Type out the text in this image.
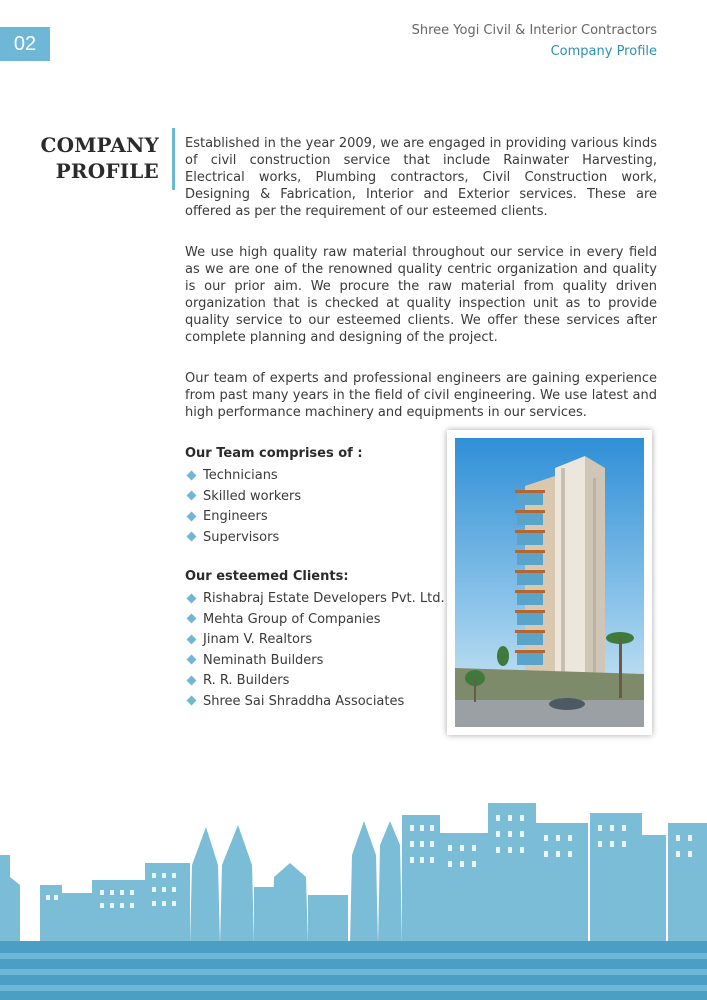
02
Shree Yogi Civil & Interior Contractors
Company Profile
COMPANY
PROFILE

Established in the year 2009, we are engaged in providing various kinds of civil construction service that include Rainwater Harvesting, Electrical works, Plumbing contractors, Civil Construction work, Designing & Fabrication, Interior and Exterior services. These are offered as per the requirement of our esteemed clients.

We use high quality raw material throughout our service in every field as we are one of the renowned quality centric organization and quality is our prior aim. We procure the raw material from quality driven organization that is checked at quality inspection unit as to provide quality service to our esteemed clients. We offer these services after complete planning and designing of the project.

Our team of experts and professional engineers are gaining experience from past many years in the field of civil engineering. We use latest and high performance machinery and equipments in our services.

Our Team comprises of :
Technicians
Skilled workers
Engineers
Supervisors
Our esteemed Clients:
Rishabraj Estate Developers Pvt. Ltd.
Mehta Group of Companies
Jinam V. Realtors
Neminath Builders
R. R. Builders
Shree Sai Shraddha Associates
